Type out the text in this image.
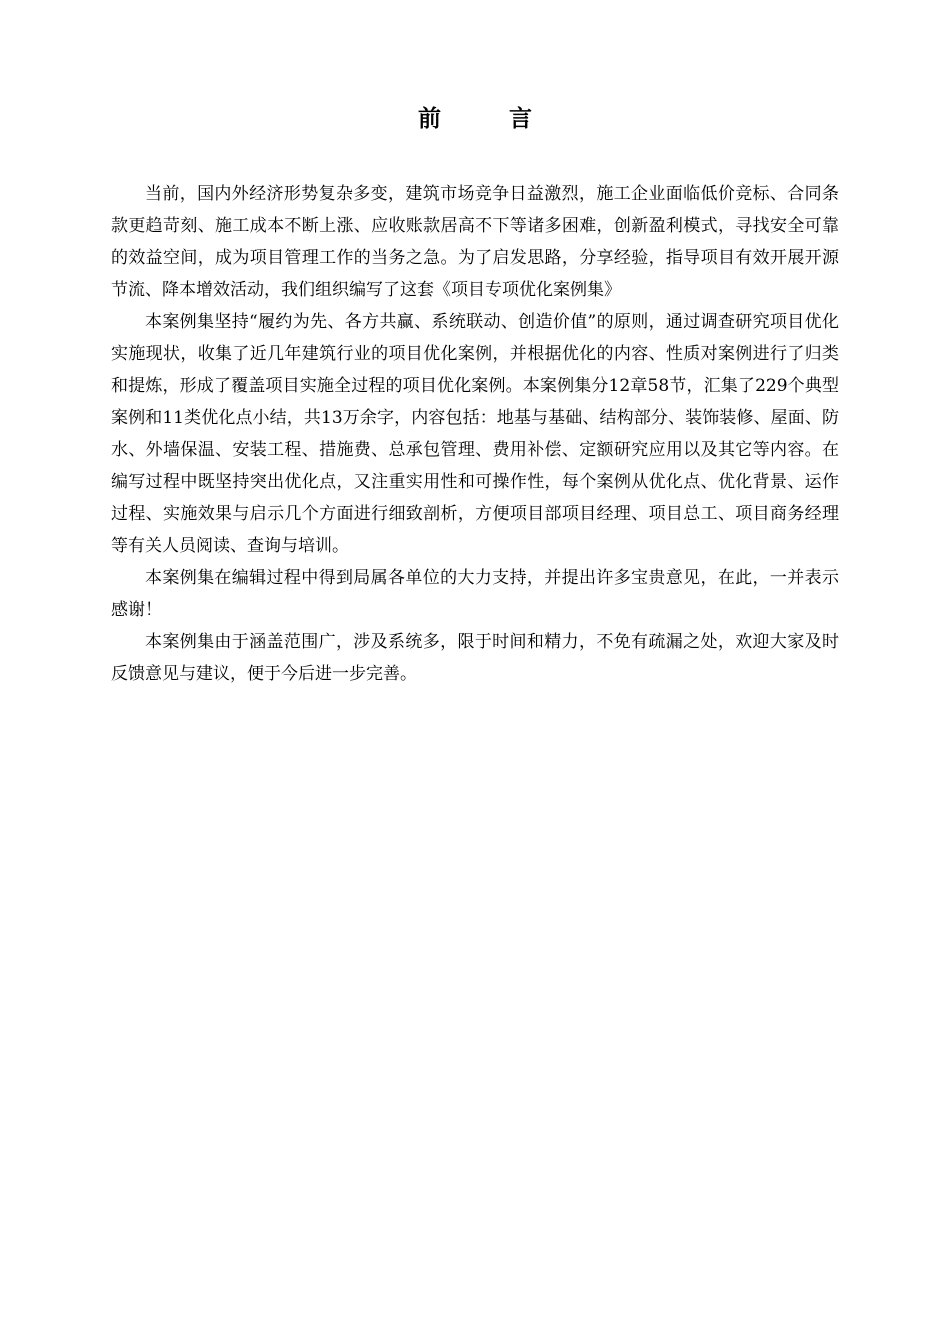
前 言

当前，国内外经济形势复杂多变，建筑市场竞争日益激烈，施工企业面临低价竞标、合同条款更趋苛刻、施工成本不断上涨、应收账款居高不下等诸多困难，创新盈利模式，寻找安全可靠的效益空间，成为项目管理工作的当务之急。为了启发思路，分享经验，指导项目有效开展开源节流、降本增效活动，我们组织编写了这套《项目专项优化案例集》

本案例集坚持“履约为先、各方共赢、系统联动、创造价值”的原则，通过调查研究项目优化实施现状，收集了近几年建筑行业的项目优化案例，并根据优化的内容、性质对案例进行了归类和提炼，形成了覆盖项目实施全过程的项目优化案例。本案例集分12章58节，汇集了229个典型案例和11类优化点小结，共13万余字，内容包括：地基与基础、结构部分、装饰装修、屋面、防水、外墙保温、安装工程、措施费、总承包管理、费用补偿、定额研究应用以及其它等内容。在编写过程中既坚持突出优化点，又注重实用性和可操作性，每个案例从优化点、优化背景、运作过程、实施效果与启示几个方面进行细致剖析，方便项目部项目经理、项目总工、项目商务经理等有关人员阅读、查询与培训。

本案例集在编辑过程中得到局属各单位的大力支持，并提出许多宝贵意见，在此，一并表示感谢！

本案例集由于涵盖范围广，涉及系统多，限于时间和精力，不免有疏漏之处，欢迎大家及时反馈意见与建议，便于今后进一步完善。
